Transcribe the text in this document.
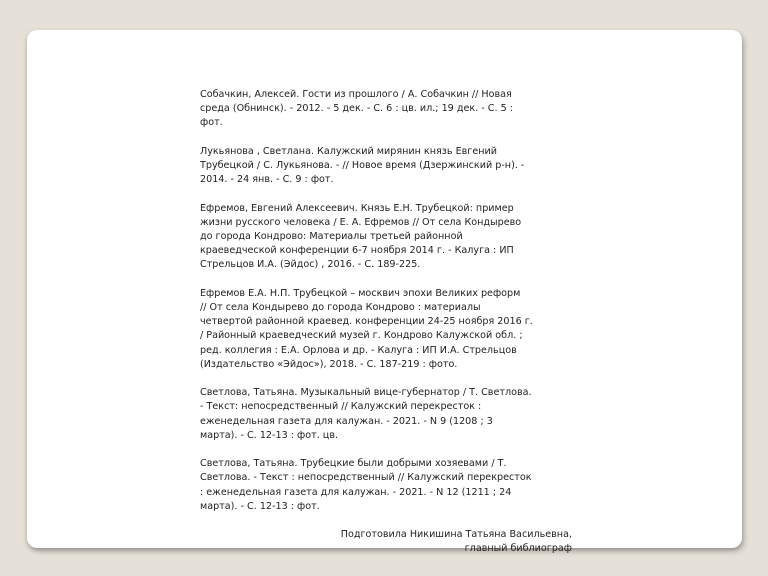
Собачкин, Алексей. Гости из прошлого / А. Собачкин // Новая
среда (Обнинск). - 2012. - 5 дек. - С. 6 : цв. ил.; 19 дек. - С. 5 :
фот.
Лукьянова , Светлана. Калужский мирянин князь Евгений
Трубецкой / С. Лукьянова. - // Новое время (Дзержинский р-н). -
2014. - 24 янв. - С. 9 : фот.
Ефремов, Евгений Алексеевич. Князь Е.Н. Трубецкой: пример
жизни русского человека / Е. А. Ефремов // От села Кондырево
до города Кондрово: Материалы третьей районной
краеведческой конференции 6-7 ноября 2014 г. - Калуга : ИП
Стрельцов И.А. (Эйдос) , 2016. - С. 189-225.
Ефремов Е.А. Н.П. Трубецкой – москвич эпохи Великих реформ
// От села Кондырево до города Кондрово : материалы
четвертой районной краевед. конференции 24-25 ноября 2016 г.
/ Районный краеведческий музей г. Кондрово Калужской обл. ;
ред. коллегия : Е.А. Орлова и др. - Калуга : ИП И.А. Стрельцов
(Издательство «Эйдос»), 2018. - С. 187-219 : фото.
Светлова, Татьяна. Музыкальный вице-губернатор / Т. Светлова.
- Текст: непосредственный // Калужский перекресток :
еженедельная газета для калужан. - 2021. - N 9 (1208 ; 3
марта). - С. 12-13 : фот. цв.
Светлова, Татьяна. Трубецкие были добрыми хозяевами / Т.
Светлова. - Текст : непосредственный // Калужский перекресток
: еженедельная газета для калужан. - 2021. - N 12 (1211 ; 24
марта). - С. 12-13 : фот.
Подготовила Никишина Татьяна Васильевна,
главный библиограф
